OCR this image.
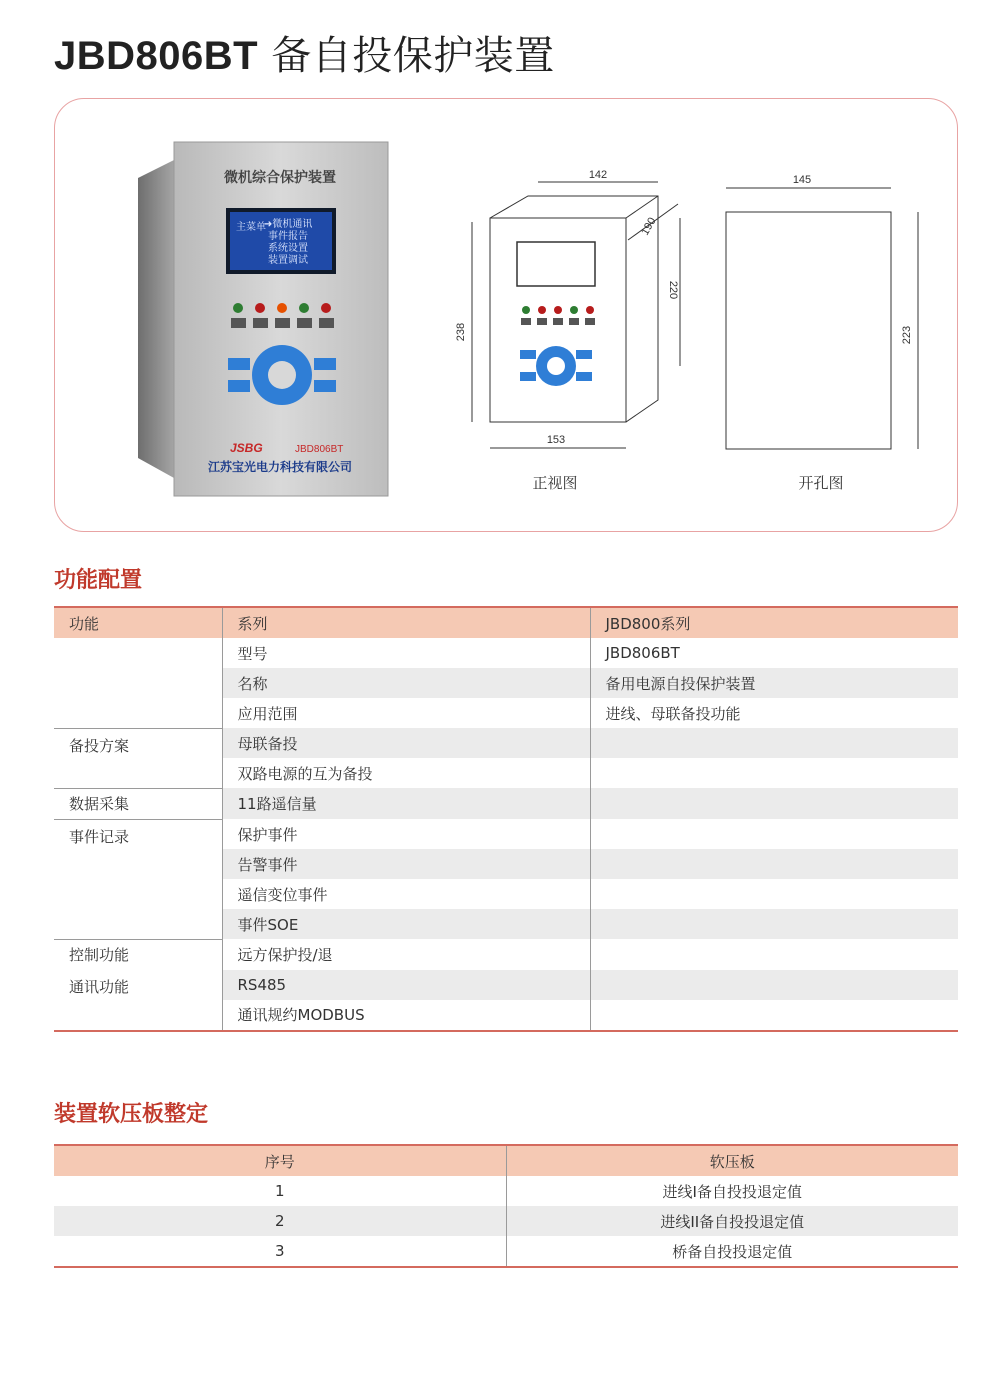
JBD806BT 备自投保护装置
微机综合保护装置
主菜单
➜微机通讯
事件报告
系统设置
装置调试
JSBG	JBD806BT
江苏宝光电力科技有限公司
142
190
220
238
153
正视图
145
223
开孔图
功能配置
功能	系列	JBD800系列
	型号	JBD806BT
	名称	备用电源自投保护装置
	应用范围	进线、母联备投功能
备投方案	母联备投	
	双路电源的互为备投	
数据采集	11路遥信量	
事件记录	保护事件	
	告警事件	
	遥信变位事件	
	事件SOE	
控制功能	远方保护投/退	
通讯功能	RS485	
	通讯规约MODBUS	
装置软压板整定
序号	软压板
1	进线I备自投投退定值
2	进线II备自投投退定值
3	桥备自投投退定值
